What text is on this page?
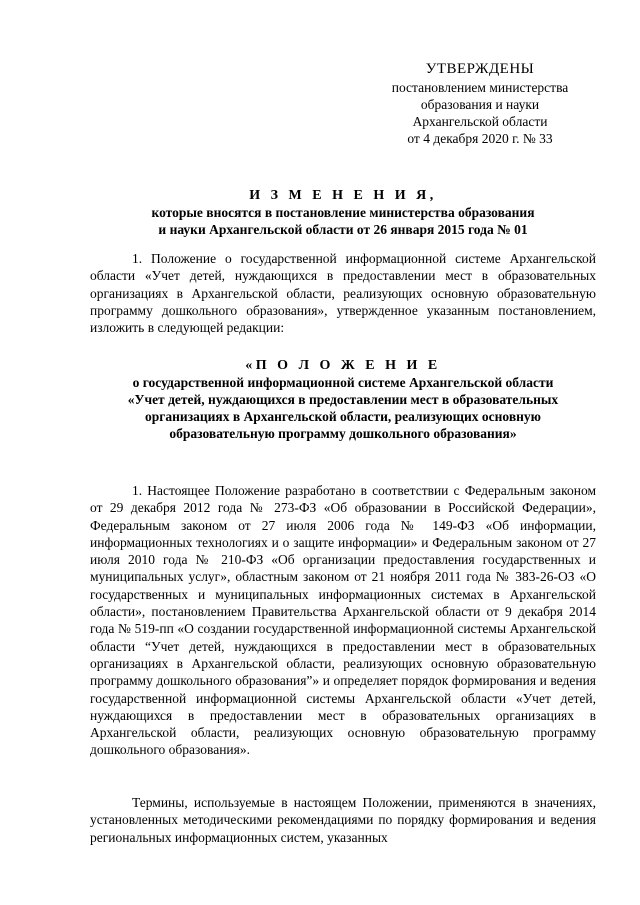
УТВЕРЖДЕНЫ
постановлением министерства
образования и науки
Архангельской области
от 4 декабря 2020 г. № 33
И З М Е Н Е Н И Я,
которые вносятся в постановление министерства образования
и науки Архангельской области от 26 января 2015 года № 01

1. Положение о государственной информационной системе Архангельской области «Учет детей, нуждающихся в предоставлении мест в образовательных организациях в Архангельской области, реализующих основную образовательную программу дошкольного образования», утвержденное указанным постановлением, изложить в следующей редакции:

«П О Л О Ж Е Н И Е
о государственной информационной системе Архангельской области
«Учет детей, нуждающихся в предоставлении мест в образовательных
организациях в Архангельской области, реализующих основную
образовательную программу дошкольного образования»

1. Настоящее Положение разработано в соответствии с Федеральным законом от 29 декабря 2012 года № 273-ФЗ «Об образовании в Российской Федерации», Федеральным законом от 27 июля 2006 года № 149-ФЗ «Об информации, информационных технологиях и о защите информации» и Федеральным законом от 27 июля 2010 года № 210-ФЗ «Об организации предоставления государственных и муниципальных услуг», областным законом от 21 ноября 2011 года № 383-26-ОЗ «О государственных и муниципальных информационных системах в Архангельской области», постановлением Правительства Архангельской области от 9 декабря 2014 года № 519-пп «О создании государственной информационной системы Архангельской области “Учет детей, нуждающихся в предоставлении мест в образовательных организациях в Архангельской области, реализующих основную образовательную программу дошкольного образования”» и определяет порядок формирования и ведения государственной информационной системы Архангельской области «Учет детей, нуждающихся в предоставлении мест в образовательных организациях в Архангельской области, реализующих основную образовательную программу дошкольного образования».

Термины, используемые в настоящем Положении, применяются в значениях, установленных методическими рекомендациями по порядку формирования и ведения региональных информационных систем, указанных
